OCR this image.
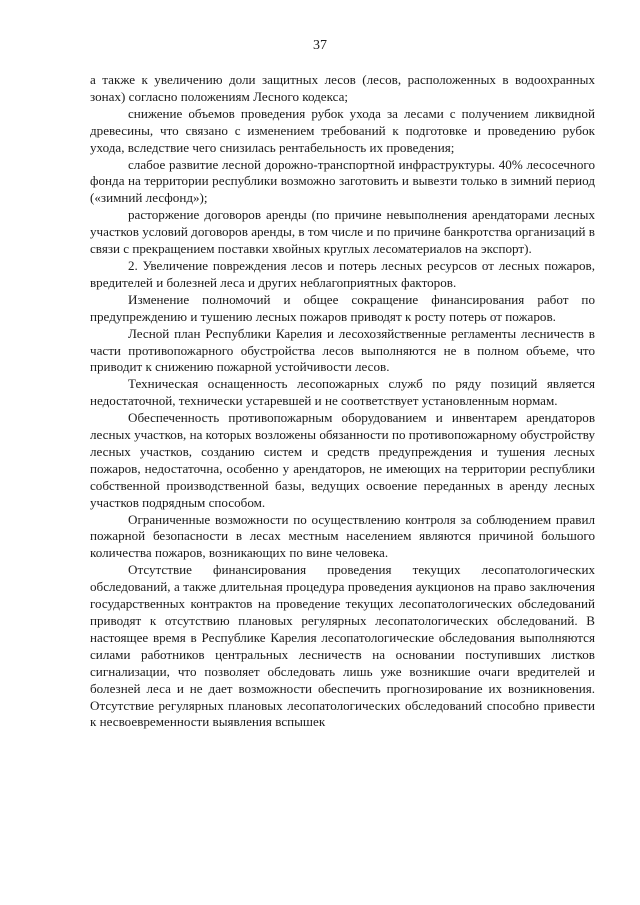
37

а также к увеличению доли защитных лесов (лесов, расположенных в водоохранных зонах) согласно положениям Лесного кодекса;

снижение объемов проведения рубок ухода за лесами с получением ликвидной древесины, что связано с изменением требований к подготовке и проведению рубок ухода, вследствие чего снизилась рентабельность их проведения;

слабое развитие лесной дорожно-транспортной инфраструктуры. 40% лесосечного фонда на территории республики возможно заготовить и вывезти только в зимний период («зимний лесфонд»);

расторжение договоров аренды (по причине невыполнения арендаторами лесных участков условий договоров аренды, в том числе и по причине банкротства организаций в связи с прекращением поставки хвойных круглых лесоматериалов на экспорт).

2. Увеличение повреждения лесов и потерь лесных ресурсов от лесных пожаров, вредителей и болезней леса и других неблагоприятных факторов.

Изменение полномочий и общее сокращение финансирования работ по предупреждению и тушению лесных пожаров приводят к росту потерь от пожаров.

Лесной план Республики Карелия и лесохозяйственные регламенты лесничеств в части противопожарного обустройства лесов выполняются не в полном объеме, что приводит к снижению пожарной устойчивости лесов.

Техническая оснащенность лесопожарных служб по ряду позиций является недостаточной, технически устаревшей и не соответствует установленным нормам.

Обеспеченность противопожарным оборудованием и инвентарем арендаторов лесных участков, на которых возложены обязанности по противопожарному обустройству лесных участков, созданию систем и средств предупреждения и тушения лесных пожаров, недостаточна, особенно у арендаторов, не имеющих на территории республики собственной производственной базы, ведущих освоение переданных в аренду лесных участков подрядным способом.

Ограниченные возможности по осуществлению контроля за соблюдением правил пожарной безопасности в лесах местным населением являются причиной большого количества пожаров, возникающих по вине человека.

Отсутствие финансирования проведения текущих лесопатологических обследований, а также длительная процедура проведения аукционов на право заключения государственных контрактов на проведение текущих лесопатологических обследований приводят к отсутствию плановых регулярных лесопатологических обследований. В настоящее время в Республике Карелия лесопатологические обследования выполняются силами работников центральных лесничеств на основании поступивших листков сигнализации, что позволяет обследовать лишь уже возникшие очаги вредителей и болезней леса и не дает возможности обеспечить прогнозирование их возникновения. Отсутствие регулярных плановых лесопатологических обследований способно привести к несвоевременности выявления вспышек
